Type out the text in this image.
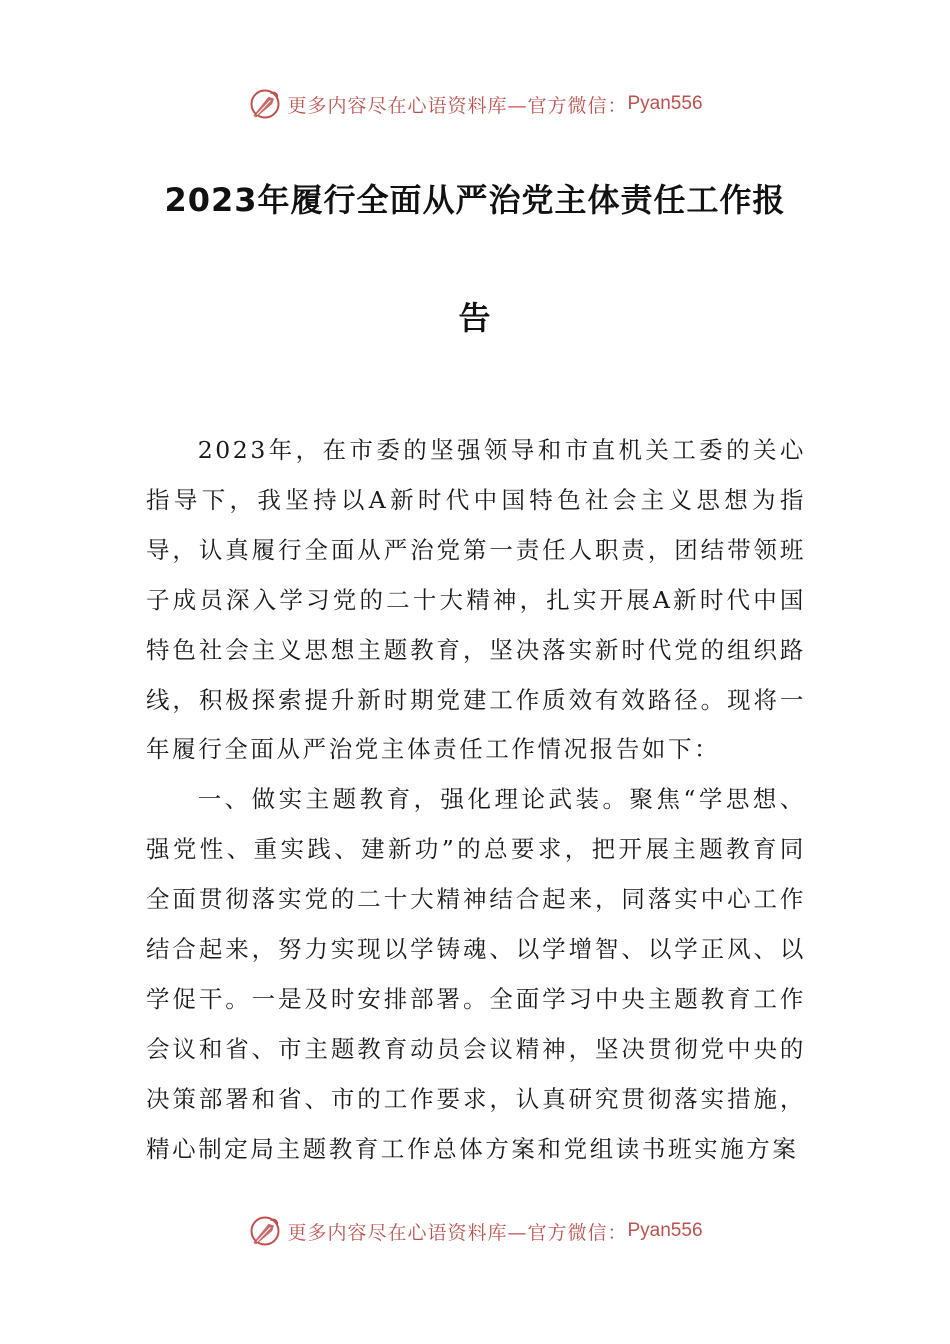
更多内容尽在心语资料库—官方微信： Pyan556
2023年履行全面从严治党主体责任工作报
告

2023年，在市委的坚强领导和市直机关工委的关心指导下，我坚持以A新时代中国特色社会主义思想为指导，认真履行全面从严治党第一责任人职责，团结带领班子成员深入学习党的二十大精神，扎实开展A新时代中国特色社会主义思想主题教育，坚决落实新时代党的组织路线，积极探索提升新时期党建工作质效有效路径。现将一年履行全面从严治党主体责任工作情况报告如下：

一、做实主题教育，强化理论武装。聚焦“学思想、强党性、重实践、建新功”的总要求，把开展主题教育同全面贯彻落实党的二十大精神结合起来，同落实中心工作结合起来，努力实现以学铸魂、以学增智、以学正风、以学促干。一是及时安排部署。全面学习中央主题教育工作会议和省、市主题教育动员会议精神，坚决贯彻党中央的决策部署和省、市的工作要求，认真研究贯彻落实措施，精心制定局主题教育工作总体方案和党组读书班实施方案

更多内容尽在心语资料库—官方微信： Pyan556
